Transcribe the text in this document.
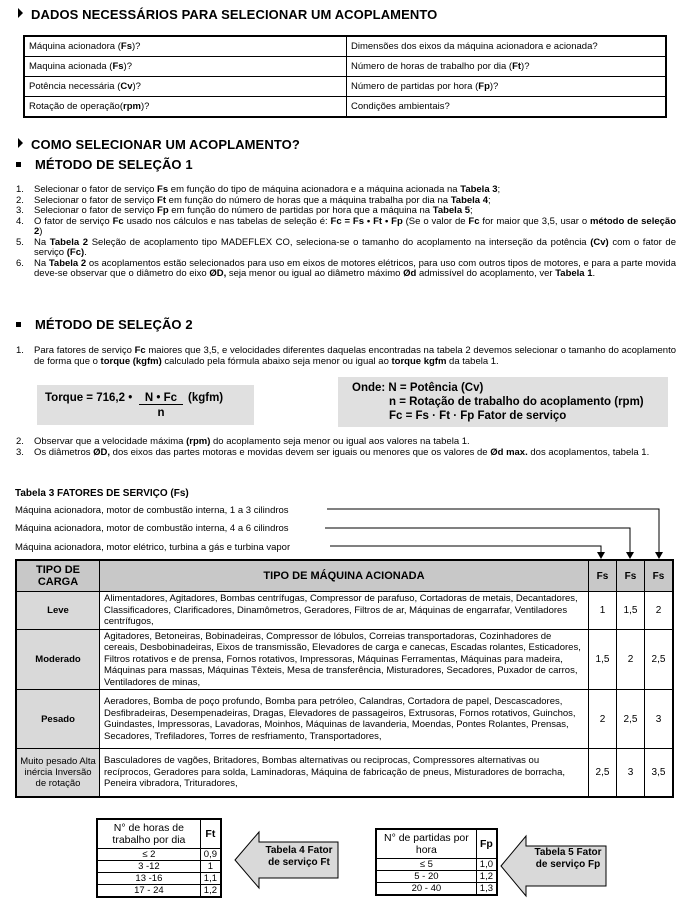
DADOS NECESSÁRIOS PARA SELECIONAR UM ACOPLAMENTO
Máquina acionadora (Fs)?	Dimensões dos eixos da máquina acionadora e acionada?
Maquina acionada (Fs)?	Número de horas de trabalho por dia (Ft)?
Potência necessária (Cv)?	Número de partidas por hora (Fp)?
Rotação de operação(rpm)?	Condições ambientais?
COMO SELECIONAR UM ACOPLAMENTO?
MÉTODO DE SELEÇÃO 1
1. Selecionar o fator de serviço Fs em função do tipo de máquina acionadora e a máquina acionada na Tabela 3;
2. Selecionar o fator de serviço Ft em função do número de horas que a máquina trabalha por dia na Tabela 4;
3. Selecionar o fator de serviço Fp em função do número de partidas por hora que a máquina na Tabela 5;
4. O fator de serviço Fc usado nos cálculos e nas tabelas de seleção é: Fc = Fs • Ft • Fp (Se o valor de Fc for maior que 3,5, usar o método de seleção 2)
5. Na Tabela 2 Seleção de acoplamento tipo MADEFLEX CO, seleciona-se o tamanho do acoplamento na interseção da potência (Cv) com o fator de serviço (Fc).
6. Na Tabela 2 os acoplamentos estão selecionados para uso em eixos de motores elétricos, para uso com outros tipos de motores, e para a parte movida deve-se observar que o diâmetro do eixo ØD, seja menor ou igual ao diâmetro máximo Ød admissível do acoplamento, ver Tabela 1.
MÉTODO DE SELEÇÃO 2
1. Para fatores de serviço Fc maiores que 3,5, e velocidades diferentes daquelas encontradas na tabela 2 devemos selecionar o tamanho do acoplamento de forma que o torque (kgfm) calculado pela fórmula abaixo seja menor ou igual ao torque kgfm da tabela 1.
Torque = 716,2 •	N • Fc
n
(kgfm)
Onde: N = Potência (Cv)
n = Rotação de trabalho do acoplamento (rpm)
Fc = Fs · Ft · Fp Fator de serviço
2. Observar que a velocidade máxima (rpm) do acoplamento seja menor ou igual aos valores na tabela 1.
3. Os diâmetros ØD, dos eixos das partes motoras e movidas devem ser iguais ou menores que os valores de Ød max. dos acoplamentos, tabela 1.
Tabela 3 FATORES DE SERVIÇO (Fs)
Máquina acionadora, motor de combustão interna, 1 a 3 cilindros
Máquina acionadora, motor de combustão interna, 4 a 6 cilindros
Máquina acionadora, motor elétrico, turbina a gás e turbina vapor
TIPO DE CARGA	TIPO DE MÁQUINA ACIONADA	Fs	Fs	Fs
Leve	Alimentadores, Agitadores, Bombas centrífugas, Compressor de parafuso, Cortadoras de metais, Decantadores, Classificadores, Clarificadores, Dinamômetros, Geradores, Filtros de ar, Máquinas de engarrafar, Ventiladores centrífugos,	1	1,5	2
Moderado	Agitadores, Betoneiras, Bobinadeiras, Compressor de lóbulos, Correias transportadoras, Cozinhadores de cereais, Desbobinadeiras, Eixos de transmissão, Elevadores de carga e canecas, Escadas rolantes, Esticadores, Filtros rotativos e de prensa, Fornos rotativos, Impressoras, Máquinas Ferramentas, Máquinas para madeira, Máquinas para massas, Máquinas Têxteis, Mesa de transferência, Misturadores, Secadores, Puxador de carros, Ventiladores de minas,	1,5	2	2,5
Pesado	Aeradores, Bomba de poço profundo, Bomba para petróleo, Calandras, Cortadora de papel, Descascadores, Desfibradeiras, Desempenadeiras, Dragas, Elevadores de passageiros, Extrusoras, Fornos rotativos, Guinchos, Guindastes, Impressoras, Lavadoras, Moinhos, Máquinas de lavanderia, Moendas, Pontes Rolantes, Prensas, Secadores, Trefiladores, Torres de resfriamento, Transportadores,	2	2,5	3
Muito pesado Alta inércia Inversão de rotação	Basculadores de vagões, Britadores, Bombas alternativas ou reciprocas, Compressores alternativas ou recíprocos, Geradores para solda, Laminadoras, Máquina de fabricação de pneus, Misturadores de borracha, Peneira vibradora, Trituradores,	2,5	3	3,5
N° de horas de trabalho por dia	Ft
≤ 2	0,9
3 -12	1
13 -16	1,1
17 - 24	1,2
Tabela 4 Fator de serviço Ft
N° de partidas por hora	Fp
≤ 5	1,0
5 - 20	1,2
20 - 40	1,3
Tabela 5 Fator de serviço Fp
